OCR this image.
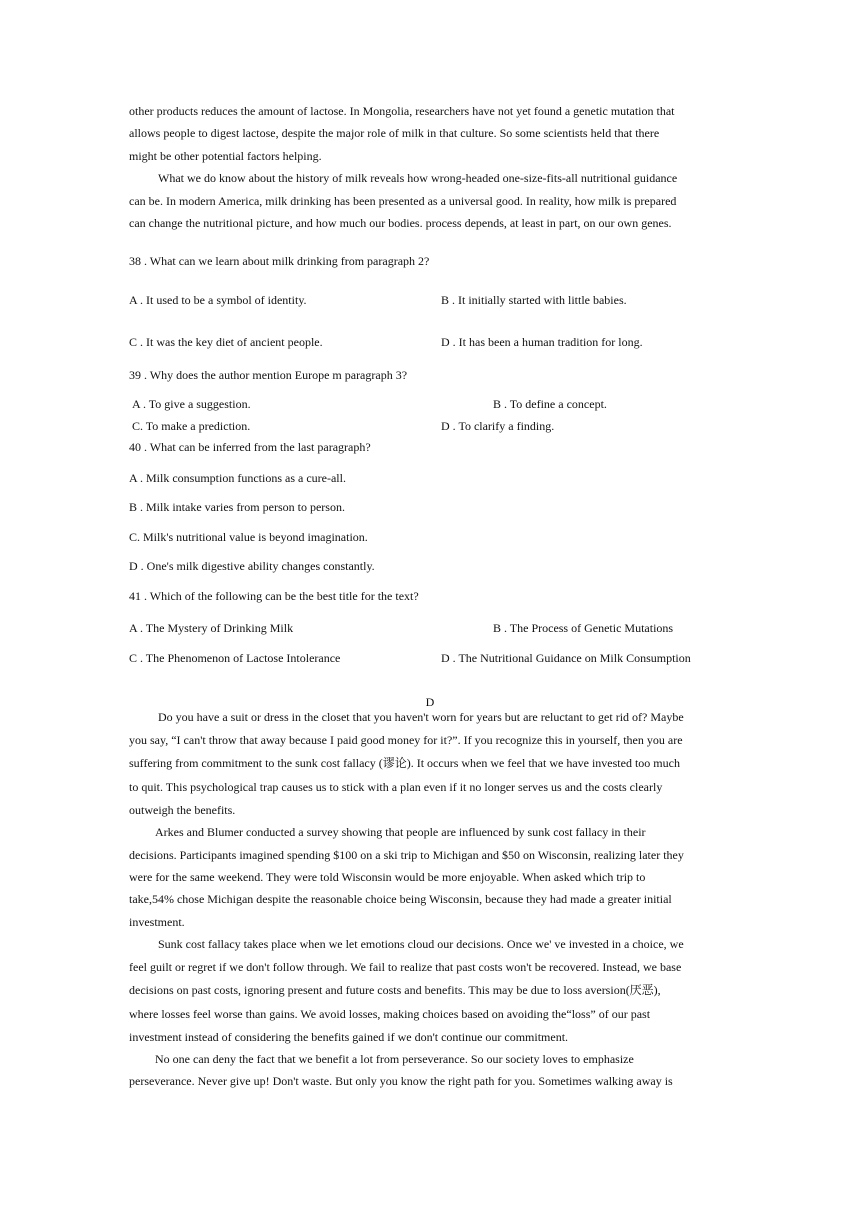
other products reduces the amount of lactose. In Mongolia, researchers have not yet found a genetic mutation that
allows people to digest lactose, despite the major role of milk in that culture. So some scientists held that there
might be other potential factors helping.
What we do know about the history of milk reveals how wrong-headed one-size-fits-all nutritional guidance
can be. In modern America, milk drinking has been presented as a universal good. In reality, how milk is prepared
can change the nutritional picture, and how much our bodies. process depends, at least in part, on our own genes.
38 . What can we learn about milk drinking from paragraph 2?
A . It used to be a symbol of identity.	B . It initially started with little babies.
C . It was the key diet of ancient people.	D . It has been a human tradition for long.
39 . Why does the author mention Europe m paragraph 3?
A . To give a suggestion.	B . To define a concept.
C. To make a prediction.	D . To clarify a finding.
40 . What can be inferred from the last paragraph?
A . Milk consumption functions as a cure-all.
B . Milk intake varies from person to person.
C. Milk's nutritional value is beyond imagination.
D . One's milk digestive ability changes constantly.
41 . Which of the following can be the best title for the text?
A . The Mystery of Drinking Milk	B . The Process of Genetic Mutations
C . The Phenomenon of Lactose Intolerance	D . The Nutritional Guidance on Milk Consumption
D
Do you have a suit or dress in the closet that you haven't worn for years but are reluctant to get rid of? Maybe
you say, “I can't throw that away because I paid good money for it?”. If you recognize this in yourself, then you are
suffering from commitment to the sunk cost fallacy (谬论). It occurs when we feel that we have invested too much
to quit. This psychological trap causes us to stick with a plan even if it no longer serves us and the costs clearly
outweigh the benefits.
Arkes and Blumer conducted a survey showing that people are influenced by sunk cost fallacy in their
decisions. Participants imagined spending $100 on a ski trip to Michigan and $50 on Wisconsin, realizing later they
were for the same weekend. They were told Wisconsin would be more enjoyable. When asked which trip to
take,54% chose Michigan despite the reasonable choice being Wisconsin, because they had made a greater initial
investment.
Sunk cost fallacy takes place when we let emotions cloud our decisions. Once we' ve invested in a choice, we
feel guilt or regret if we don't follow through. We fail to realize that past costs won't be recovered. Instead, we base
decisions on past costs, ignoring present and future costs and benefits. This may be due to loss aversion(厌恶),
where losses feel worse than gains. We avoid losses, making choices based on avoiding the“loss” of our past
investment instead of considering the benefits gained if we don't continue our commitment.
No one can deny the fact that we benefit a lot from perseverance. So our society loves to emphasize
perseverance. Never give up! Don't waste. But only you know the right path for you. Sometimes walking away is
